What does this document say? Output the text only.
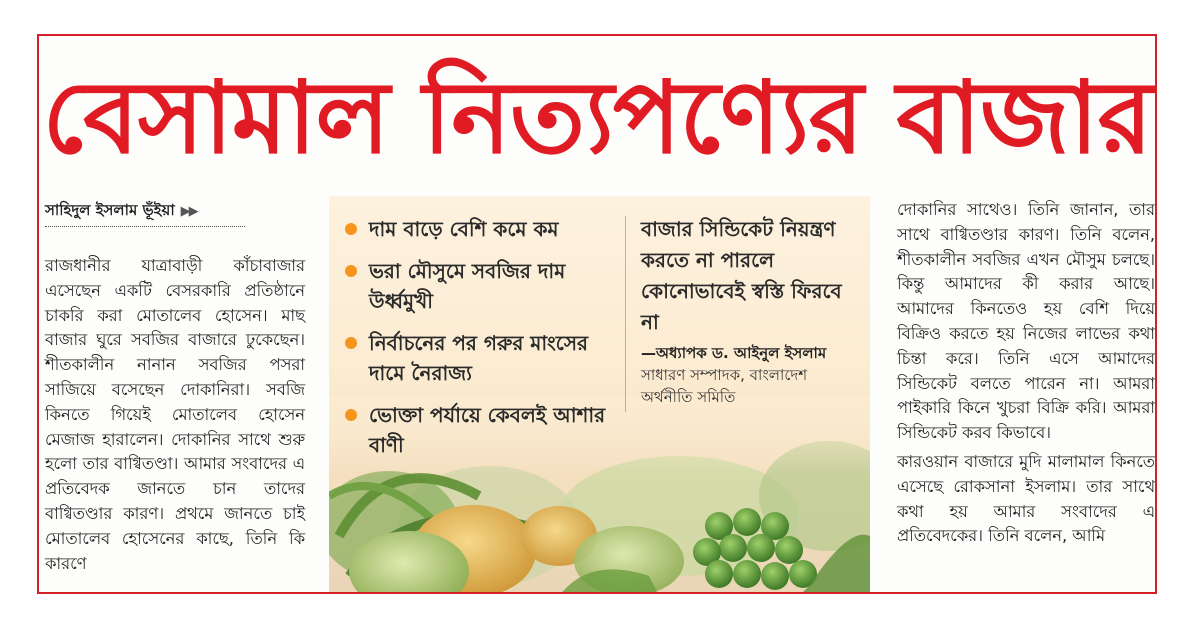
বেসামাল নিত্যপণ্যের বাজার
সাহিদুল ইসলাম ভূঁইয়া ▶▶

রাজধানীর যাত্রাবাড়ী কাঁচাবাজার এসেছেন একটি বেসরকারি প্রতিষ্ঠানে চাকরি করা মোতালেব হোসেন। মাছ বাজার ঘুরে সবজির বাজারে ঢুকেছেন। শীতকালীন নানান সবজির পসরা সাজিয়ে বসেছেন দোকানিরা। সবজি কিনতে গিয়েই মোতালেব হোসেন মেজাজ হারালেন। দোকানির সাথে শুরু হলো তার বাগ্বিতণ্ডা। আমার সংবাদের এ প্রতিবেদক জানতে চান তাদের বাগ্বিতণ্ডার কারণ। প্রথমে জানতে চাই মোতালেব হোসেনের কাছে, তিনি কি কারণে

দাম বাড়ে বেশি কমে কম
ভরা মৌসুমে সবজির দাম উর্ধ্বমুখী
নির্বাচনের পর গরুর মাংসের দামে নৈরাজ্য
ভোক্তা পর্যায়ে কেবলই আশার বাণী
বাজার সিন্ডিকেট নিয়ন্ত্রণ করতে না পারলে কোনোভাবেই স্বস্তি ফিরবে না
—অধ্যাপক ড. আইনুল ইসলাম
সাধারণ সম্পাদক, বাংলাদেশ অর্থনীতি সমিতি

দোকানির সাথেও। তিনি জানান, তার সাথে বাগ্বিতণ্ডার কারণ। তিনি বলেন, শীতকালীন সবজির এখন মৌসুম চলছে। কিন্তু আমাদের কী করার আছে। আমাদের কিনতেও হয় বেশি দিয়ে বিক্রিও করতে হয় নিজের লাভের কথা চিন্তা করে। তিনি এসে আমাদের সিন্ডিকেট বলতে পারেন না। আমরা পাইকারি কিনে খুচরা বিক্রি করি। আমরা সিন্ডিকেট করব কিভাবে।

কারওয়ান বাজারে মুদি মালামাল কিনতে এসেছে রোকসানা ইসলাম। তার সাথে কথা হয় আমার সংবাদের এ প্রতিবেদকের। তিনি বলেন, আমি
